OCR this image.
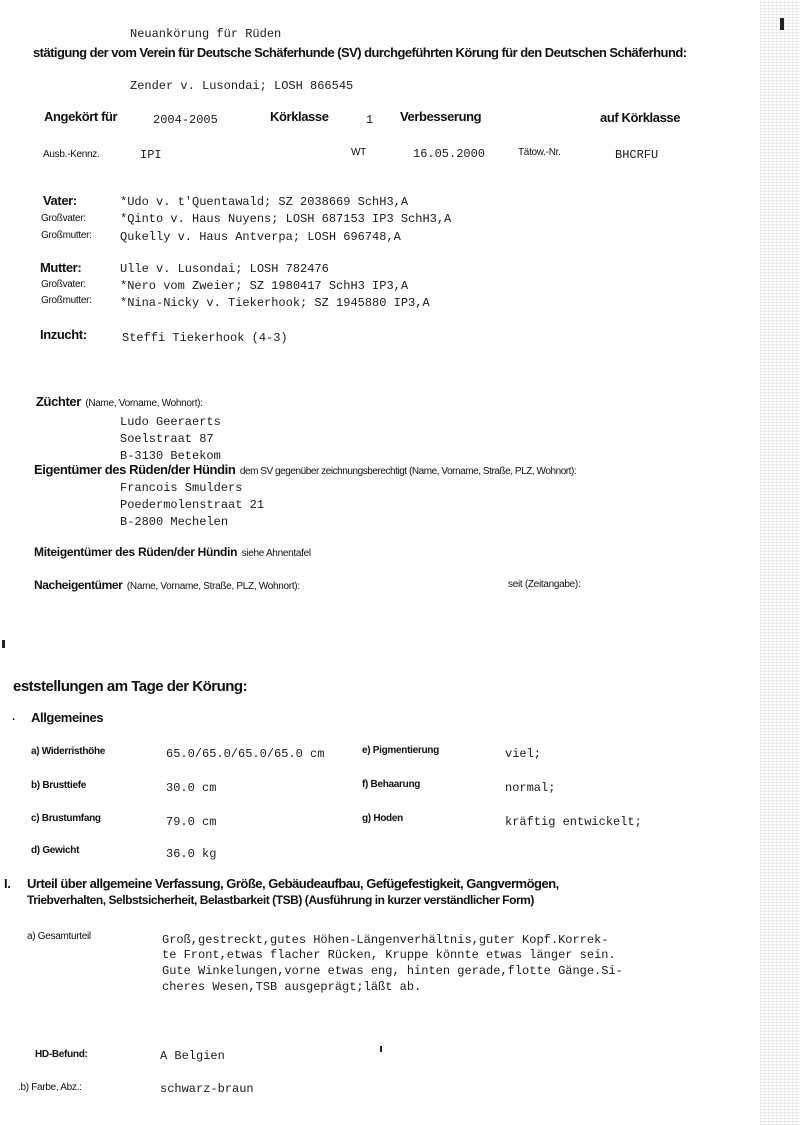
Neuankörung für Rüden
stätigung der vom Verein für Deutsche Schäferhunde (SV) durchgeführten Körung für den Deutschen Schäferhund:
Zender v. Lusondai; LOSH 866545
Angekört für	2004-2005	Körklasse	1 Verbesserung	auf Körklasse
Ausb.-Kennz.	IPI	WT	16.05.2000	Tätow.-Nr.	BHCRFU
Vater:	*Udo v. t'Quentawald; SZ 2038669 SchH3,A
Großvater:	*Qinto v. Haus Nuyens; LOSH 687153 IP3 SchH3,A
Großmutter: Qukelly v. Haus Antverpa; LOSH 696748,A
Mutter:	Ulle v. Lusondai; LOSH 782476
Großvater:	*Nero vom Zweier; SZ 1980417 SchH3 IP3,A
Großmutter: *Nina-Nicky v. Tiekerhook; SZ 1945880 IP3,A
Inzucht:	Steffi Tiekerhook (4-3)
Züchter (Name, Vorname, Wohnort):
Ludo Geeraerts
Soelstraat 87
B-3130 Betekom
Eigentümer des Rüden/der Hündin dem SV gegenüber zeichnungsberechtigt (Name, Vorname, Straße, PLZ, Wohnort):
Francois Smulders
Poedermolenstraat 21
B-2800 Mechelen
Miteigentümer des Rüden/der Hündin siehe Ahnentafel
Nacheigentümer (Name, Vorname, Straße, PLZ, Wohnort):	seit (Zeitangabe):
eststellungen am Tage der Körung:
. Allgemeines
a) Widerristhöhe	65.0/65.0/65.0/65.0 cm	e) Pigmentierung	viel;
b) Brusttiefe	30.0 cm	f) Behaarung	normal;
c) Brustumfang	79.0 cm	g) Hoden	kräftig entwickelt;
d) Gewicht	36.0 kg
I. Urteil über allgemeine Verfassung, Größe, Gebäudeaufbau, Gefügefestigkeit, Gangvermögen,
Triebverhalten, Selbstsicherheit, Belastbarkeit (TSB) (Ausführung in kurzer verständlicher Form)
a) Gesamturteil	Groß,gestreckt,gutes Höhen-Längenverhältnis,guter Kopf.Korrek-
te Front,etwas flacher Rücken, Kruppe könnte etwas länger sein.
Gute Winkelungen,vorne etwas eng, hinten gerade,flotte Gänge.Si-
cheres Wesen,TSB ausgeprägt;läßt ab.
HD-Befund:	A Belgien
.b) Farbe, Abz.:	schwarz-braun
